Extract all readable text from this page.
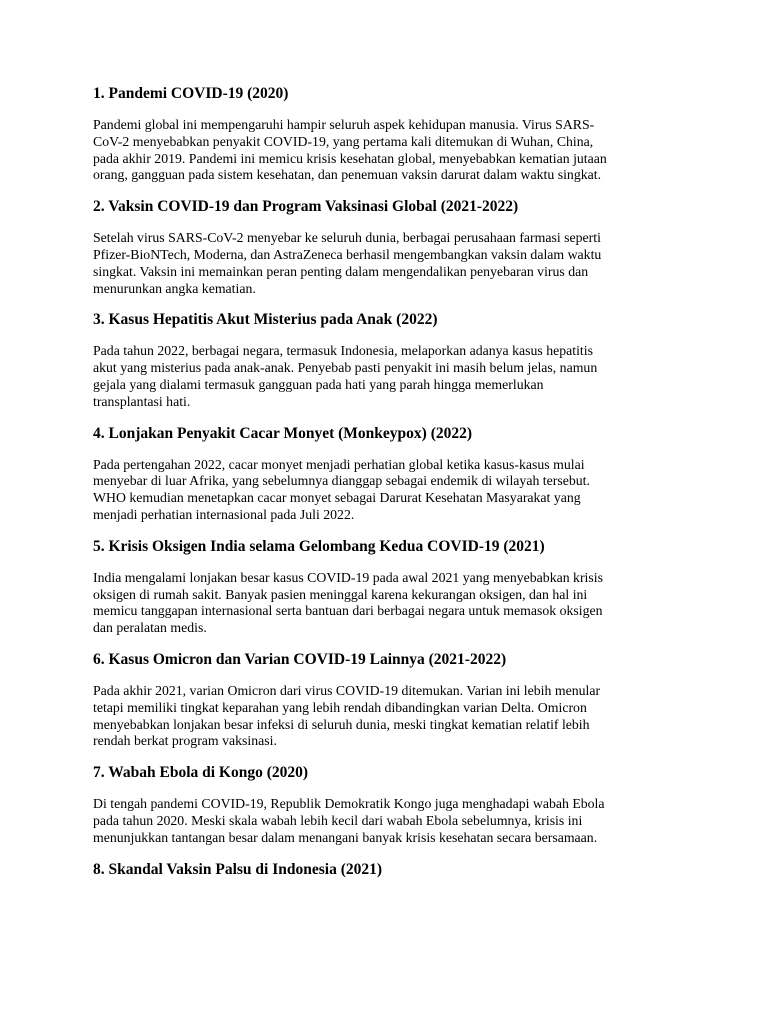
1. Pandemi COVID-19 (2020)
Pandemi global ini mempengaruhi hampir seluruh aspek kehidupan manusia. Virus SARS-
CoV-2 menyebabkan penyakit COVID-19, yang pertama kali ditemukan di Wuhan, China,
pada akhir 2019. Pandemi ini memicu krisis kesehatan global, menyebabkan kematian jutaan
orang, gangguan pada sistem kesehatan, dan penemuan vaksin darurat dalam waktu singkat.
2. Vaksin COVID-19 dan Program Vaksinasi Global (2021-2022)
Setelah virus SARS-CoV-2 menyebar ke seluruh dunia, berbagai perusahaan farmasi seperti
Pfizer-BioNTech, Moderna, dan AstraZeneca berhasil mengembangkan vaksin dalam waktu
singkat. Vaksin ini memainkan peran penting dalam mengendalikan penyebaran virus dan
menurunkan angka kematian.
3. Kasus Hepatitis Akut Misterius pada Anak (2022)
Pada tahun 2022, berbagai negara, termasuk Indonesia, melaporkan adanya kasus hepatitis
akut yang misterius pada anak-anak. Penyebab pasti penyakit ini masih belum jelas, namun
gejala yang dialami termasuk gangguan pada hati yang parah hingga memerlukan
transplantasi hati.
4. Lonjakan Penyakit Cacar Monyet (Monkeypox) (2022)
Pada pertengahan 2022, cacar monyet menjadi perhatian global ketika kasus-kasus mulai
menyebar di luar Afrika, yang sebelumnya dianggap sebagai endemik di wilayah tersebut.
WHO kemudian menetapkan cacar monyet sebagai Darurat Kesehatan Masyarakat yang
menjadi perhatian internasional pada Juli 2022.
5. Krisis Oksigen India selama Gelombang Kedua COVID-19 (2021)
India mengalami lonjakan besar kasus COVID-19 pada awal 2021 yang menyebabkan krisis
oksigen di rumah sakit. Banyak pasien meninggal karena kekurangan oksigen, dan hal ini
memicu tanggapan internasional serta bantuan dari berbagai negara untuk memasok oksigen
dan peralatan medis.
6. Kasus Omicron dan Varian COVID-19 Lainnya (2021-2022)
Pada akhir 2021, varian Omicron dari virus COVID-19 ditemukan. Varian ini lebih menular
tetapi memiliki tingkat keparahan yang lebih rendah dibandingkan varian Delta. Omicron
menyebabkan lonjakan besar infeksi di seluruh dunia, meski tingkat kematian relatif lebih
rendah berkat program vaksinasi.
7. Wabah Ebola di Kongo (2020)
Di tengah pandemi COVID-19, Republik Demokratik Kongo juga menghadapi wabah Ebola
pada tahun 2020. Meski skala wabah lebih kecil dari wabah Ebola sebelumnya, krisis ini
menunjukkan tantangan besar dalam menangani banyak krisis kesehatan secara bersamaan.
8. Skandal Vaksin Palsu di Indonesia (2021)
